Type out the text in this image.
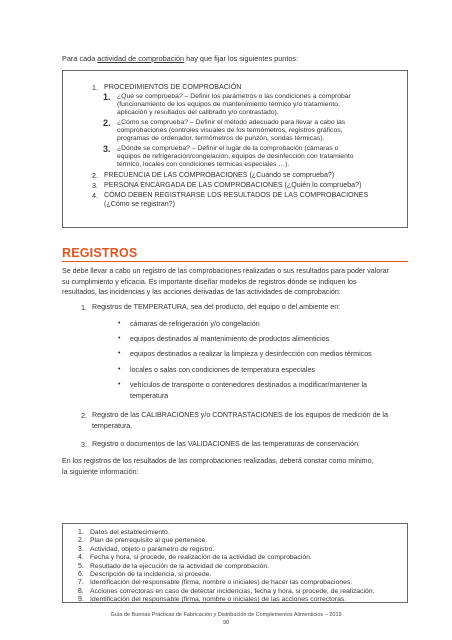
Para cada actividad de comprobación hay que fijar los siguientes puntos:
1. PROCEDIMIENTOS DE COMPROBACIÓN
1. ¿Qué se comprueba? – Definir los parámetros o las condiciones a comprobar
(funcionamiento de los equipos de mantenimiento térmico y/o tratamiento,
aplicación y resultados del calibrado y/o contrastado).
2. ¿Cómo se comprueba? – Definir el método adecuado para llevar a cabo las
comprobaciones (controles visuales de los termómetros, registros gráficos,
programas de ordenador, termómetros de punzón, sondas térmicas).
3. ¿Dónde se comprueba? – Definir el lugar de la comprobación (cámaras o
equipos de refrigeración/congelación, equipos de desinfección con tratamiento
térmico, locales con condiciones térmicas especiales …).
2. FRECUENCIA DE LAS COMPROBACIONES (¿Cuándo se comprueba?)
3. PERSONA ENCARGADA DE LAS COMPROBACIONES (¿Quién lo comprueba?)
4. CÓMO DEBEN REGISTRARSE LOS RESULTADOS DE LAS COMPROBACIONES
(¿Cómo se registran?)
REGISTROS
Se debe llevar a cabo un registro de las comprobaciones realizadas o sus resultados para poder valorar
su cumplimiento y eficacia. Es importante diseñar modelos de registros dónde se indiquen los
resultados, las incidencias y las acciones derivadas de las actividades de comprobación:
1. Registros de TEMPERATURA, sea del producto, del equipo o del ambiente en:
• cámaras de refrigeración y/o congelación
• equipos destinados al mantenimiento de productos alimenticios
• equipos destinados a realizar la limpieza y desinfección con medios térmicos
• locales o salas con condiciones de temperatura especiales
• vehículos de transporte o contenedores destinados a modificar/mantener la
temperatura
2. Registro de las CALIBRACIONES y/o CONTRASTACIONES de los equipos de medición de la
temperatura.
3. Registro o documentos de las VALIDACIONES de las temperaturas de conservación.
En los registros de los resultados de las comprobaciones realizadas, deberá constar como mínimo,
la siguiente información:
1. Datos del establecimiento.
2. Plan de prerrequisito al que pertenece.
3. Actividad, objeto o parámetro de registro.
4. Fecha y hora, si procede, de realización de la actividad de comprobación.
5. Resultado de la ejecución de la actividad de comprobación.
6. Descripción de la incidencia, si procede.
7. Identificación del responsable (firma, nombre o iniciales) de hacer las comprobaciones.
8. Acciones correctoras en caso de detectar incidencias, fecha y hora, si procede, de realización.
9. Identificación del responsable (firma, nombre o iniciales) de las acciones correctoras.
Guía de Buenas Prácticas de Fabricación y Distribución de Complementos Alimenticios – 2019
90
